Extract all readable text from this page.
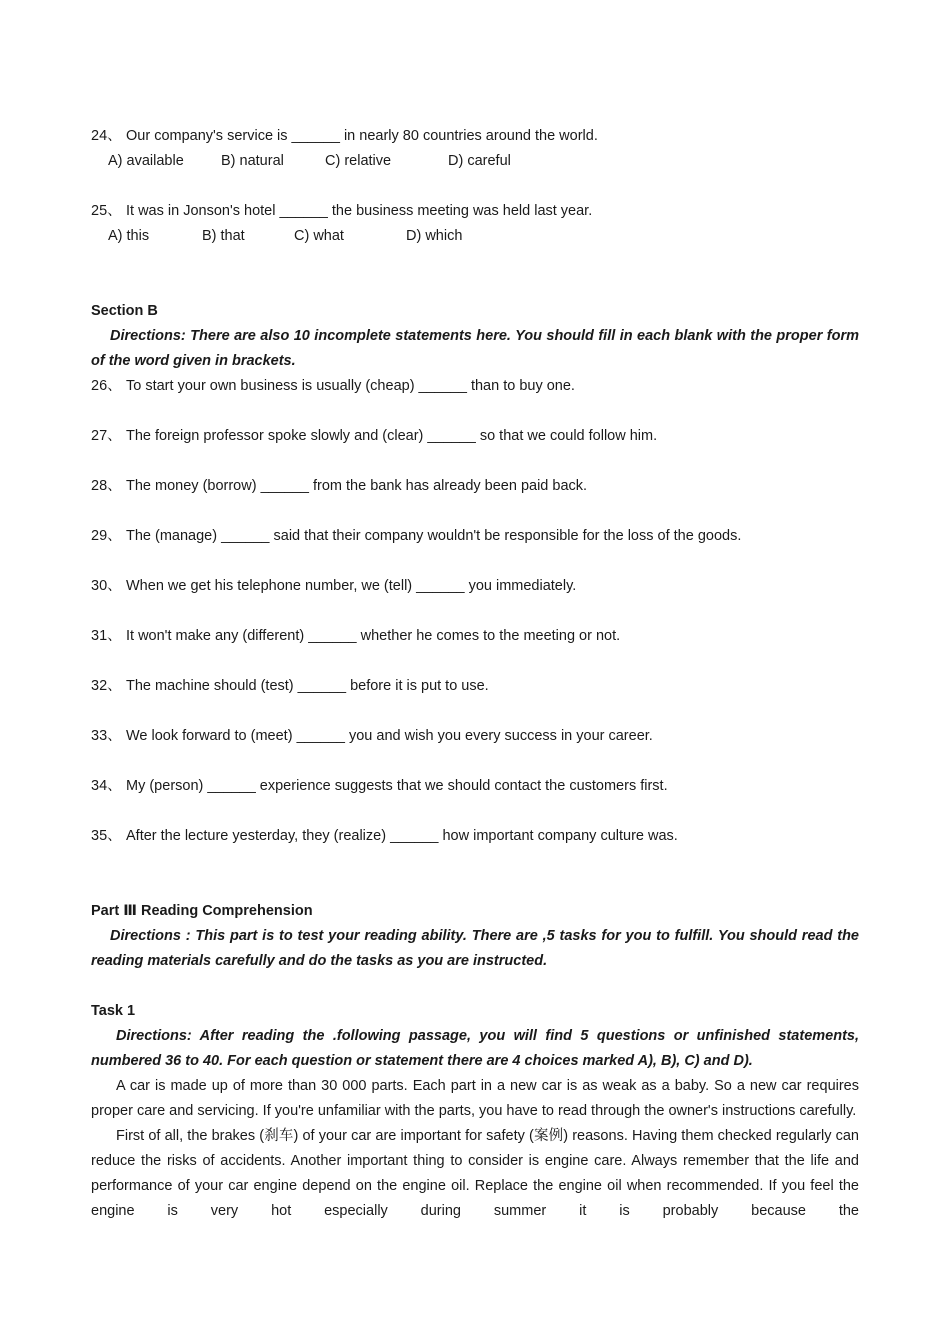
24、 Our company's service is ______ in nearly 80 countries around the world.
A) available	B) natural	C) relative	D) careful
25、 It was in Jonson's hotel ______ the business meeting was held last year.
A) this	B) that	C) what	D) which
Section B
Directions: There are also 10 incomplete statements here. You should fill in each blank with the proper form of the word given in brackets.
26、 To start your own business is usually (cheap) ______ than to buy one.
27、 The foreign professor spoke slowly and (clear) ______ so that we could follow him.
28、 The money (borrow) ______ from the bank has already been paid back.
29、 The (manage) ______ said that their company wouldn't be responsible for the loss of the goods.
30、 When we get his telephone number, we (tell) ______ you immediately.
31、 It won't make any (different) ______ whether he comes to the meeting or not.
32、 The machine should (test) ______ before it is put to use.
33、 We look forward to (meet) ______ you and wish you every success in your career.
34、 My (person) ______ experience suggests that we should contact the customers first.
35、 After the lecture yesterday, they (realize) ______ how important company culture was.
Part Ⅲ Reading Comprehension
Directions : This part is to test your reading ability. There are ,5 tasks for you to fulfill. You should read the reading materials carefully and do the tasks as you are instructed.
Task 1
Directions: After reading the .following passage, you will find 5 questions or unfinished statements, numbered 36 to 40. For each question or statement there are 4 choices marked A), B), C) and D).
A car is made up of more than 30 000 parts. Each part in a new car is as weak as a baby. So a new car requires proper care and servicing. If you're unfamiliar with the parts, you have to read through the owner's instructions carefully.
First of all, the brakes (刹车) of your car are important for safety (案例) reasons. Having them checked regularly can reduce the risks of accidents. Another important thing to consider is engine care. Always remember that the life and performance of your car engine depend on the engine oil. Replace the engine oil when recommended. If you feel the engine is very hot especially during summer it is probably because the
